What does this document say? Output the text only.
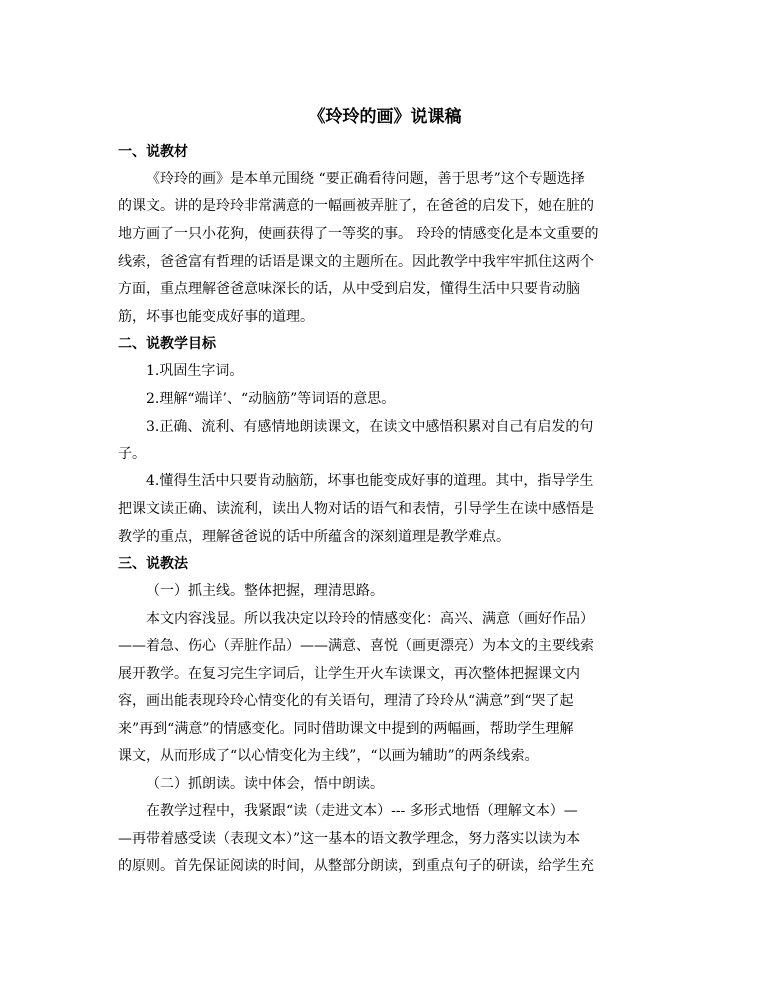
《玲玲的画》说课稿
一、说教材
《玲玲的画》是本单元围绕 “要正确看待问题，善于思考”这个专题选择
的课文。讲的是玲玲非常满意的一幅画被弄脏了，在爸爸的启发下，她在脏的
地方画了一只小花狗，使画获得了一等奖的事。 玲玲的情感变化是本文重要的
线索，爸爸富有哲理的话语是课文的主题所在。因此教学中我牢牢抓住这两个
方面，重点理解爸爸意味深长的话，从中受到启发，懂得生活中只要肯动脑
筋，坏事也能变成好事的道理。
二、说教学目标
1.巩固生字词。
2.理解“端详’、“动脑筋”等词语的意思。
3.正确、流利、有感情地朗读课文，在读文中感悟积累对自己有启发的句
子。
4.懂得生活中只要肯动脑筋，坏事也能变成好事的道理。其中，指导学生
把课文读正确、读流利，读出人物对话的语气和表情，引导学生在读中感悟是
教学的重点，理解爸爸说的话中所蕴含的深刻道理是教学难点。
三、说教法
（一）抓主线。整体把握，理清思路。
本文内容浅显。所以我决定以玲玲的情感变化：高兴、满意（画好作品）
——着急、伤心（弄脏作品）——满意、喜悦（画更漂亮）为本文的主要线索
展开教学。在复习完生字词后，让学生开火车读课文，再次整体把握课文内
容，画出能表现玲玲心情变化的有关语句，理清了玲玲从“满意”到“哭了起
来”再到“满意”的情感变化。同时借助课文中提到的两幅画，帮助学生理解
课文，从而形成了“以心情变化为主线”，“以画为辅助”的两条线索。
（二）抓朗读。读中体会，悟中朗读。
在教学过程中，我紧跟“读（走进文本）--- 多形式地悟（理解文本）—
—再带着感受读（表现文本）”这一基本的语文教学理念，努力落实以读为本
的原则。首先保证阅读的时间，从整部分朗读，到重点句子的研读，给学生充
